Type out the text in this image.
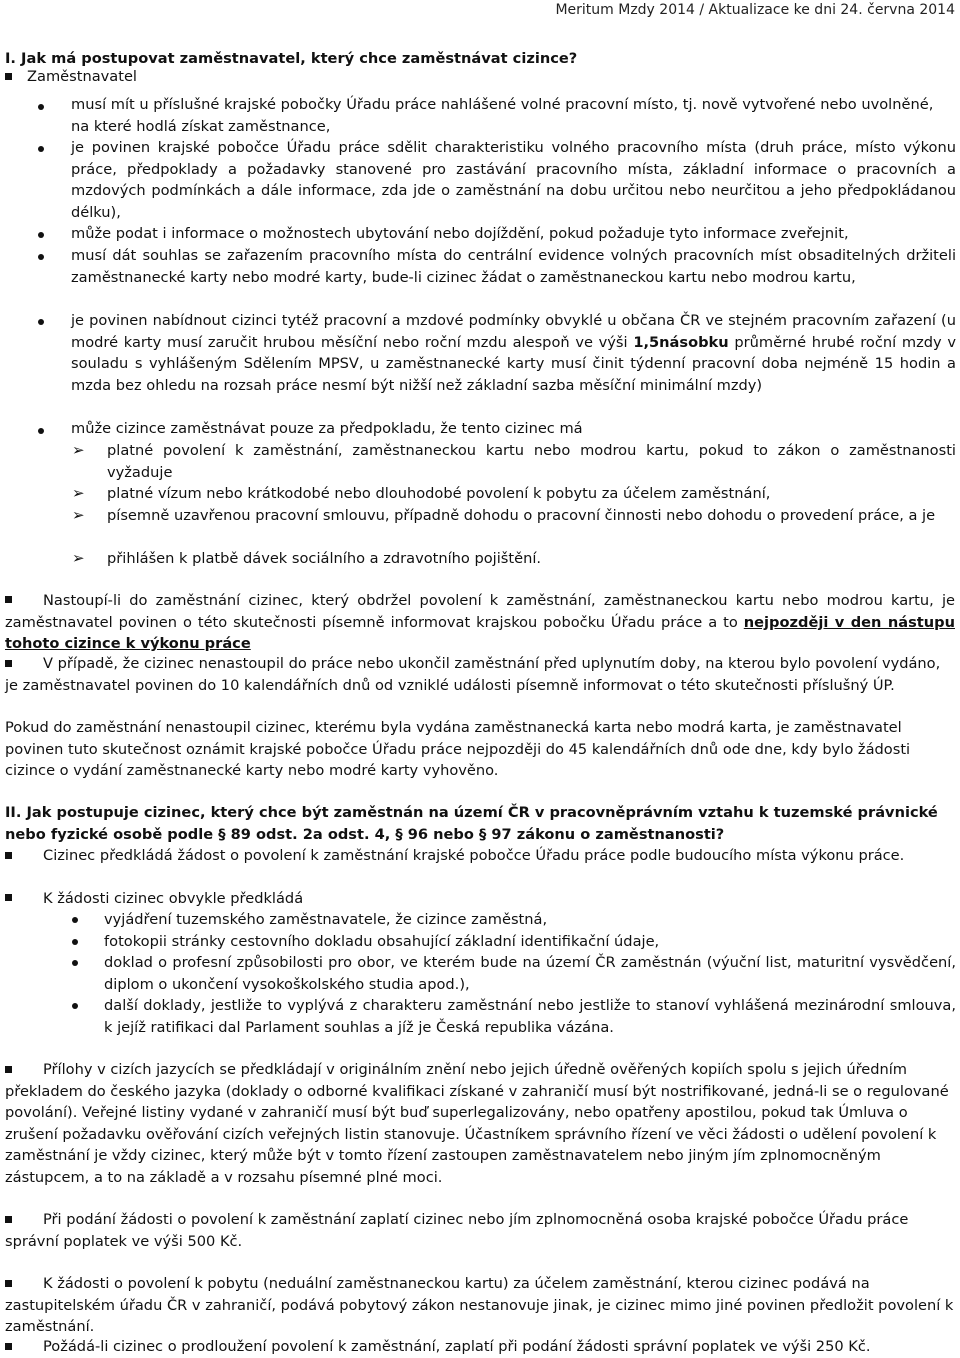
Meritum Mzdy 2014 / Aktualizace ke dni 24. června 2014
I. Jak má postupovat zaměstnavatel, který chce zaměstnávat cizince?
Zaměstnavatel

musí mít u příslušné krajské pobočky Úřadu práce nahlášené volné pracovní místo, tj. nově vytvořené nebo uvolněné, na které hodlá získat zaměstnance,

je povinen krajské pobočce Úřadu práce sdělit charakteristiku volného pracovního místa (druh práce, místo výkonu práce, předpoklady a požadavky stanovené pro zastávání pracovního místa, základní informace o pracovních a mzdových podmínkách a dále informace, zda jde o zaměstnání na dobu určitou nebo neurčitou a jeho předpokládanou délku),

může podat i informace o možnostech ubytování nebo dojíždění, pokud požaduje tyto informace zveřejnit,

musí dát souhlas se zařazením pracovního místa do centrální evidence volných pracovních míst obsaditelných držiteli zaměstnanecké karty nebo modré karty, bude-li cizinec žádat o zaměstnaneckou kartu nebo modrou kartu,

je povinen nabídnout cizinci tytéž pracovní a mzdové podmínky obvyklé u občana ČR ve stejném pracovním zařazení (u modré karty musí zaručit hrubou měsíční nebo roční mzdu alespoň ve výši 1,5násobku průměrné hrubé roční mzdy v souladu s vyhlášeným Sdělením MPSV, u zaměstnanecké karty musí činit týdenní pracovní doba nejméně 15 hodin a mzda bez ohledu na rozsah práce nesmí být nižší než základní sazba měsíční minimální mzdy)

může cizince zaměstnávat pouze za předpokladu, že tento cizinec má

➢ platné povolení k zaměstnání, zaměstnaneckou kartu nebo modrou kartu, pokud to zákon o zaměstnanosti vyžaduje

➢ platné vízum nebo krátkodobé nebo dlouhodobé povolení k pobytu za účelem zaměstnání,

➢ písemně uzavřenou pracovní smlouvu, případně dohodu o pracovní činnosti nebo dohodu o provedení práce, a je

➢ přihlášen k platbě dávek sociálního a zdravotního pojištění.

Nastoupí-li do zaměstnání cizinec, který obdržel povolení k zaměstnání, zaměstnaneckou kartu nebo modrou kartu, je zaměstnavatel povinen o této skutečnosti písemně informovat krajskou pobočku Úřadu práce a to nejpozději v den nástupu tohoto cizince k výkonu práce

V případě, že cizinec nenastoupil do práce nebo ukončil zaměstnání před uplynutím doby, na kterou bylo povolení vydáno, je zaměstnavatel povinen do 10 kalendářních dnů od vzniklé události písemně informovat o této skutečnosti příslušný ÚP.

Pokud do zaměstnání nenastoupil cizinec, kterému byla vydána zaměstnanecká karta nebo modrá karta, je zaměstnavatel povinen tuto skutečnost oznámit krajské pobočce Úřadu práce nejpozději do 45 kalendářních dnů ode dne, kdy bylo žádosti cizince o vydání zaměstnanecké karty nebo modré karty vyhověno.

II. Jak postupuje cizinec, který chce být zaměstnán na území ČR v pracovněprávním vztahu k tuzemské právnické nebo fyzické osobě podle § 89 odst. 2a odst. 4, § 96 nebo § 97 zákonu o zaměstnanosti?

Cizinec předkládá žádost o povolení k zaměstnání krajské pobočce Úřadu práce podle budoucího místa výkonu práce.

K žádosti cizinec obvykle předkládá

vyjádření tuzemského zaměstnavatele, že cizince zaměstná,

fotokopii stránky cestovního dokladu obsahující základní identifikační údaje,

doklad o profesní způsobilosti pro obor, ve kterém bude na území ČR zaměstnán (výuční list, maturitní vysvědčení, diplom o ukončení vysokoškolského studia apod.),

další doklady, jestliže to vyplývá z charakteru zaměstnání nebo jestliže to stanoví vyhlášená mezinárodní smlouva, k jejíž ratifikaci dal Parlament souhlas a jíž je Česká republika vázána.

Přílohy v cizích jazycích se předkládají v originálním znění nebo jejich úředně ověřených kopiích spolu s jejich úředním překladem do českého jazyka (doklady o odborné kvalifikaci získané v zahraničí musí být nostrifikované, jedná-li se o regulované povolání). Veřejné listiny vydané v zahraničí musí být buď superlegalizovány, nebo opatřeny apostilou, pokud tak Úmluva o zrušení požadavku ověřování cizích veřejných listin stanovuje. Účastníkem správního řízení ve věci žádosti o udělení povolení k zaměstnání je vždy cizinec, který může být v tomto řízení zastoupen zaměstnavatelem nebo jiným jím zplnomocněným zástupcem, a to na základě a v rozsahu písemné plné moci.

Při podání žádosti o povolení k zaměstnání zaplatí cizinec nebo jím zplnomocněná osoba krajské pobočce Úřadu práce správní poplatek ve výši 500 Kč.

K žádosti o povolení k pobytu (neduální zaměstnaneckou kartu) za účelem zaměstnání, kterou cizinec podává na zastupitelském úřadu ČR v zahraničí, podává pobytový zákon nestanovuje jinak, je cizinec mimo jiné povinen předložit povolení k zaměstnání.

Požádá-li cizinec o prodloužení povolení k zaměstnání, zaplatí při podání žádosti správní poplatek ve výši 250 Kč.
